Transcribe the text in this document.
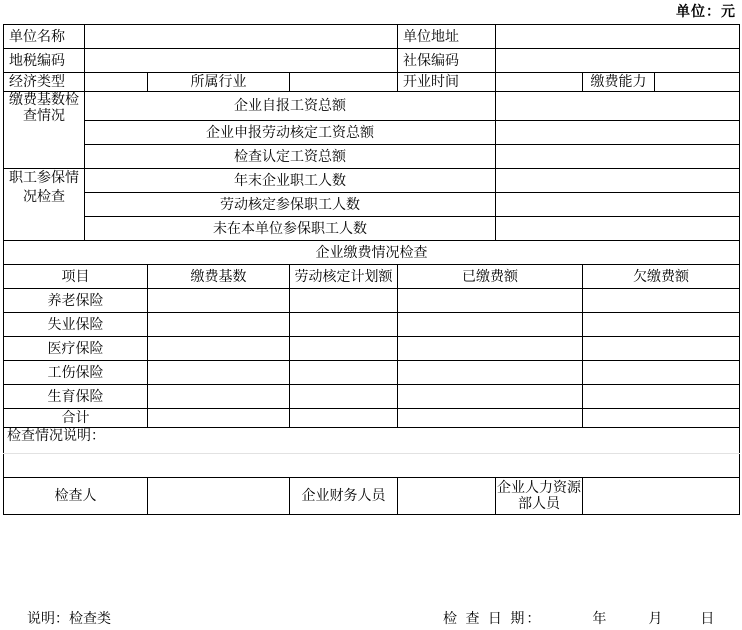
单位：元
单位名称				单位地址			
地税编码				社保编码			
经济类型		所属行业		开业时间		缴费能力	
缴费基数检查情况	企业自报工资总额						
	企业申报劳动核定工资总额						
	检查认定工资总额						
职工参保情况检查	年末企业职工人数						
	劳动核定参保职工人数						
	未在本单位参保职工人数						
企业缴费情况检查							
项目		缴费基数	劳动核定计划额	已缴费额		欠缴费额	
养老保险							
失业保险							
医疗保险							
工伤保险							
生育保险							
合计							
检查情况说明：							

检查人			企业财务人员		企业人力资源部人员		
说明：检查类	检 查 日 期：	年	月	日
